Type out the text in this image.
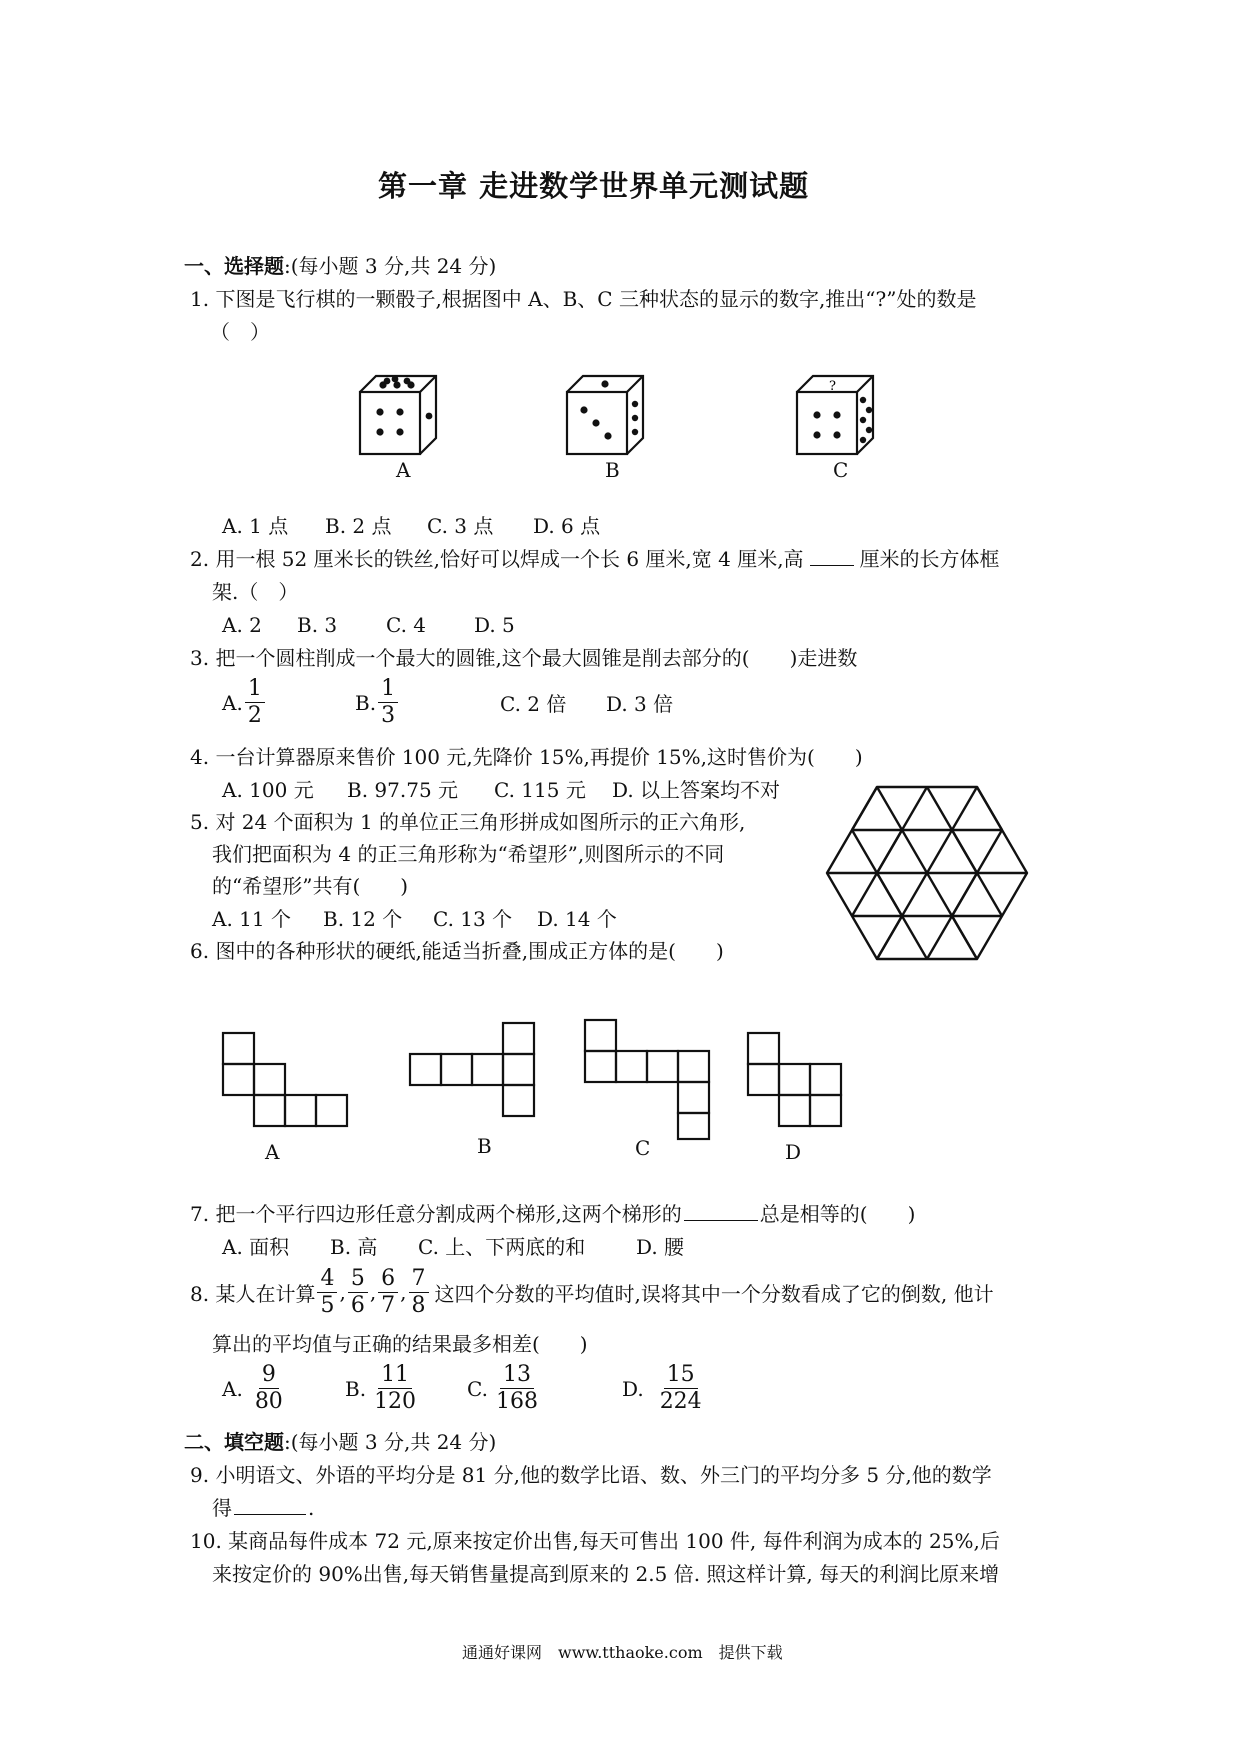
第一章 走进数学世界单元测试题
一、选择题:(每小题 3 分,共 24 分)
1. 下图是飞行棋的一颗骰子,根据图中 A、B、C 三种状态的显示的数字,推出“?”处的数是
（　）
A	B
?
C
A. 1 点 B. 2 点 C. 3 点 D. 6 点
2. 用一根 52 厘米长的铁丝,恰好可以焊成一个长 6 厘米,宽 4 厘米,高	厘米的长方体框
架.（　）
A. 2 B. 3 C. 4 D. 5
3. 把一个圆柱削成一个最大的圆锥,这个最大圆锥是削去部分的(　　)走进数
A. $\frac{1}{2}$	B. $\frac{1}{3}$	C. 2 倍 D. 3 倍
4. 一台计算器原来售价 100 元,先降价 15%,再提价 15%,这时售价为(　　)
A. 100 元 B. 97.75 元 C. 115 元 D. 以上答案均不对
5. 对 24 个面积为 1 的单位正三角形拼成如图所示的正六角形,
我们把面积为 4 的正三角形称为“希望形”,则图所示的不同
的“希望形”共有(　　)
A. 11 个 B. 12 个 C. 13 个 D. 14 个
6. 图中的各种形状的硬纸,能适当折叠,围成正方体的是(　　)
A	B	C	D
7. 把一个平行四边形任意分割成两个梯形,这两个梯形的	总是相等的(　　)
A. 面积 B. 高 C. 上、下两底的和	D. 腰
8. 某人在计算 $\frac{4}{5}$ , $\frac{5}{6}$ , $\frac{6}{7}$ , $\frac{7}{8}$ 这四个分数的平均值时,误将其中一个分数看成了它的倒数, 他计
算出的平均值与正确的结果最多相差(　　)
A. $\frac{9}{80}$	B. $\frac{11}{120}$	C. $\frac{13}{168}$	D. $\frac{15}{224}$
二、填空题:(每小题 3 分,共 24 分)
9. 小明语文、外语的平均分是 81 分,他的数学比语、数、外三门的平均分多 5 分,他的数学
得	.
10. 某商品每件成本 72 元,原来按定价出售,每天可售出 100 件, 每件利润为成本的 25%,后
来按定价的 90%出售,每天销售量提高到原来的 2.5 倍. 照这样计算, 每天的利润比原来增
通通好课网　www.tthaoke.com　提供下载
